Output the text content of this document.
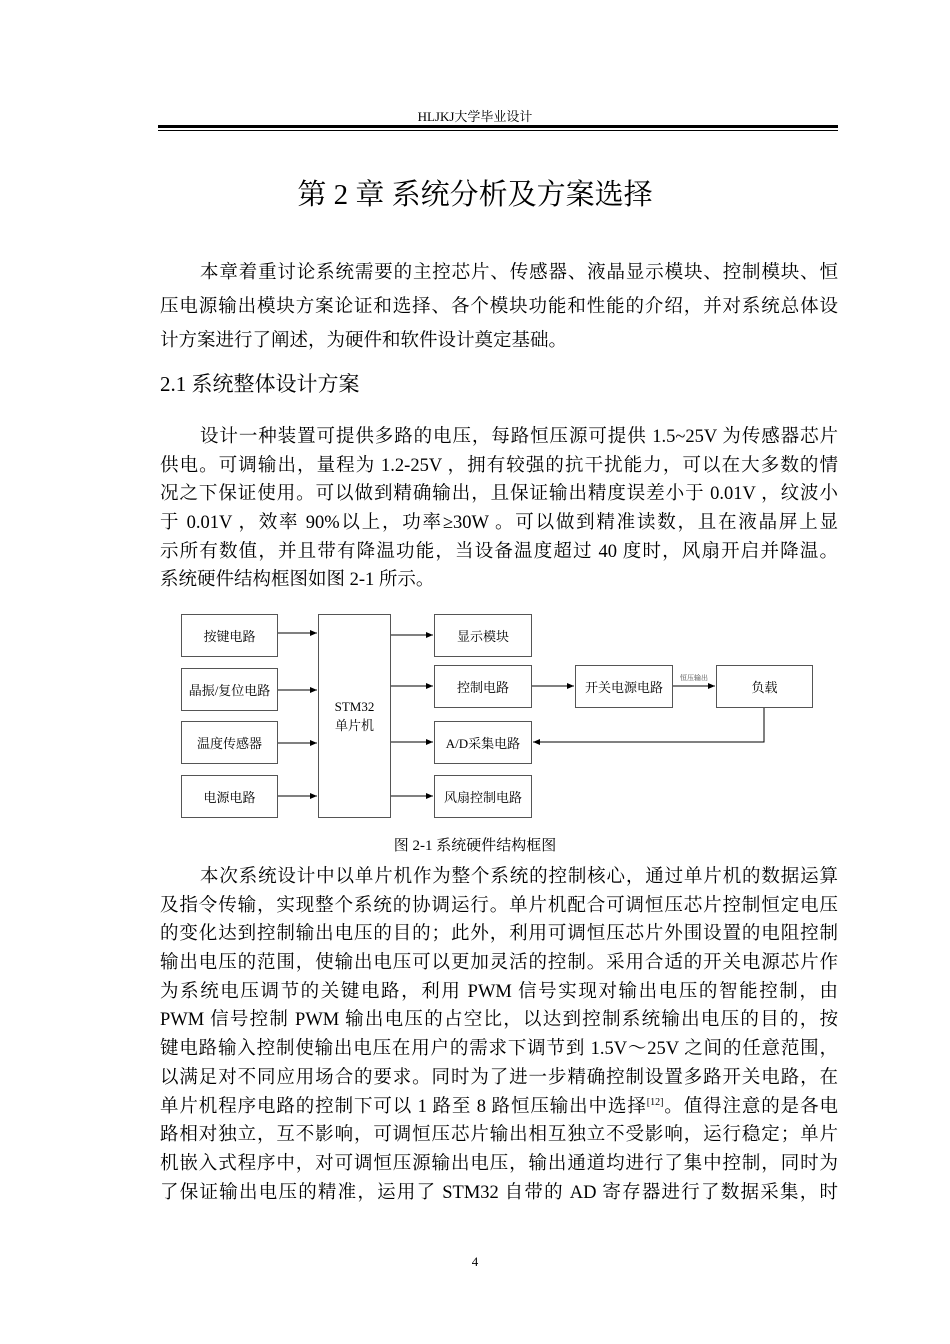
HLJKJ大学毕业设计
第 2 章 系统分析及方案选择
本章着重讨论系统需要的主控芯片、传感器、液晶显示模块、控制模块、恒
压电源输出模块方案论证和选择、各个模块功能和性能的介绍，并对系统总体设
计方案进行了阐述，为硬件和软件设计奠定基础。
2.1 系统整体设计方案
设计一种装置可提供多路的电压，每路恒压源可提供 1.5~25V 为传感器芯片
供电。可调输出，量程为 1.2-25V ，拥有较强的抗干扰能力，可以在大多数的情
况之下保证使用。可以做到精确输出，且保证输出精度误差小于 0.01V ，纹波小
于 0.01V ，效率 90%以上，功率≥30W 。可以做到精准读数，且在液晶屏上显
示所有数值，并且带有降温功能，当设备温度超过 40 度时，风扇开启并降温。
系统硬件结构框图如图 2-1 所示。
按键电路
晶振/复位电路
温度传感器
电源电路
STM32
单片机
显示模块
控制电路
A/D采集电路
风扇控制电路
开关电源电路
恒压输出
负载
图 2-1 系统硬件结构框图
本次系统设计中以单片机作为整个系统的控制核心，通过单片机的数据运算
及指令传输，实现整个系统的协调运行。单片机配合可调恒压芯片控制恒定电压
的变化达到控制输出电压的目的；此外，利用可调恒压芯片外围设置的电阻控制
输出电压的范围，使输出电压可以更加灵活的控制。采用合适的开关电源芯片作
为系统电压调节的关键电路，利用 PWM 信号实现对输出电压的智能控制，由
PWM 信号控制 PWM 输出电压的占空比，以达到控制系统输出电压的目的，按
键电路输入控制使输出电压在用户的需求下调节到 1.5V～25V 之间的任意范围，
以满足对不同应用场合的要求。同时为了进一步精确控制设置多路开关电路，在
单片机程序电路的控制下可以 1 路至 8 路恒压输出中选择[12]。值得注意的是各电
路相对独立，互不影响，可调恒压芯片输出相互独立不受影响，运行稳定；单片
机嵌入式程序中，对可调恒压源输出电压，输出通道均进行了集中控制，同时为
了保证输出电压的精准，运用了 STM32 自带的 AD 寄存器进行了数据采集，时
4
